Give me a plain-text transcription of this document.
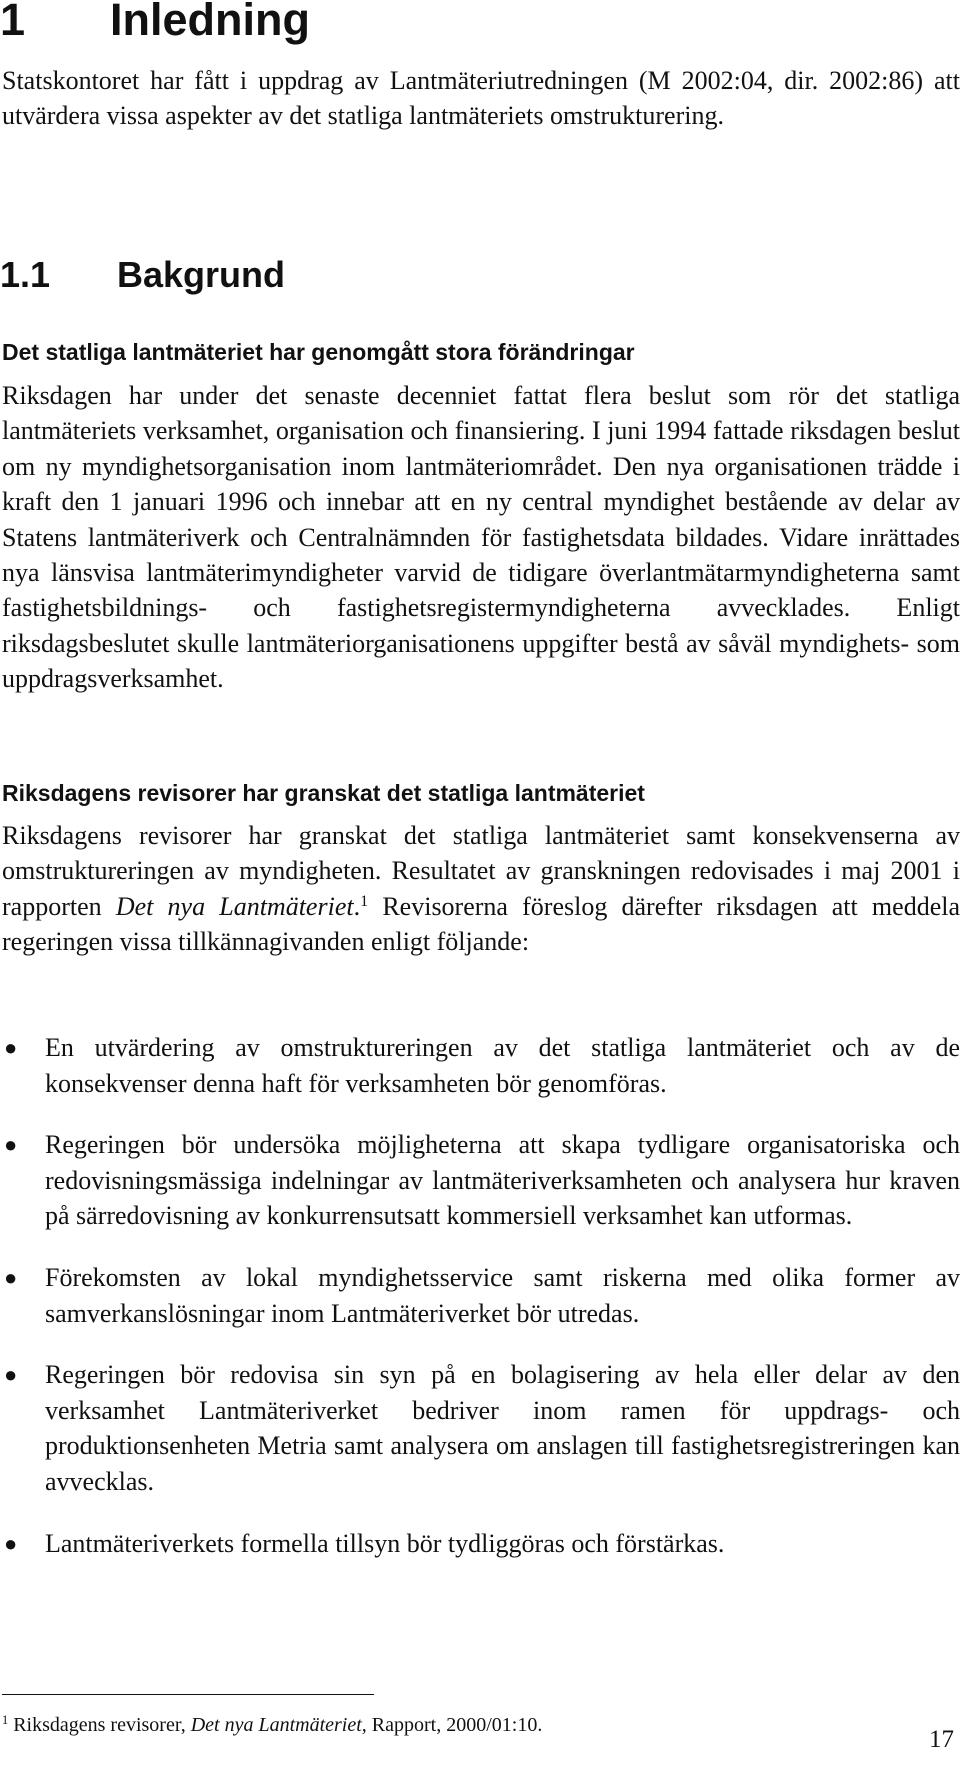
1 Inledning

Statskontoret har fått i uppdrag av Lantmäteriutredningen (M 2002:04, dir. 2002:86) att utvärdera vissa aspekter av det statliga lantmäteriets omstrukturering.

1.1 Bakgrund
Det statliga lantmäteriet har genomgått stora förändringar

Riksdagen har under det senaste decenniet fattat flera beslut som rör det statliga lantmäteriets verksamhet, organisation och finansiering. I juni 1994 fattade riksdagen beslut om ny myndighetsorganisation inom lantmäteriområdet. Den nya organisationen trädde i kraft den 1 januari 1996 och innebar att en ny central myndighet bestående av delar av Statens lantmäteriverk och Centralnämnden för fastighetsdata bildades. Vidare inrättades nya länsvisa lantmäterimyndigheter varvid de tidigare överlantmätarmyndigheterna samt fastighetsbildnings- och fastighetsregistermyndigheterna avvecklades. Enligt riksdagsbeslutet skulle lantmäteriorganisationens uppgifter bestå av såväl myndighets- som uppdragsverksamhet.

Riksdagens revisorer har granskat det statliga lantmäteriet

Riksdagens revisorer har granskat det statliga lantmäteriet samt konsekvenserna av omstruktureringen av myndigheten. Resultatet av granskningen redovisades i maj 2001 i rapporten Det nya Lantmäteriet.$^1$ Revisorerna föreslog därefter riksdagen att meddela regeringen vissa tillkännagivanden enligt följande:

● En utvärdering av omstruktureringen av det statliga lantmäteriet och av de konsekvenser denna haft för verksamheten bör genomföras.
● Regeringen bör undersöka möjligheterna att skapa tydligare organisatoriska och redovisningsmässiga indelningar av lantmäteriverksamheten och analysera hur kraven på särredovisning av konkurrensutsatt kommersiell verksamhet kan utformas.
● Förekomsten av lokal myndighetsservice samt riskerna med olika former av samverkanslösningar inom Lantmäteriverket bör utredas.
● Regeringen bör redovisa sin syn på en bolagisering av hela eller delar av den verksamhet Lantmäteriverket bedriver inom ramen för uppdrags- och produktionsenheten Metria samt analysera om anslagen till fastighetsregistreringen kan avvecklas.
● Lantmäteriverkets formella tillsyn bör tydliggöras och förstärkas.
$^1$ Riksdagens revisorer, Det nya Lantmäteriet, Rapport, 2000/01:10.
17
